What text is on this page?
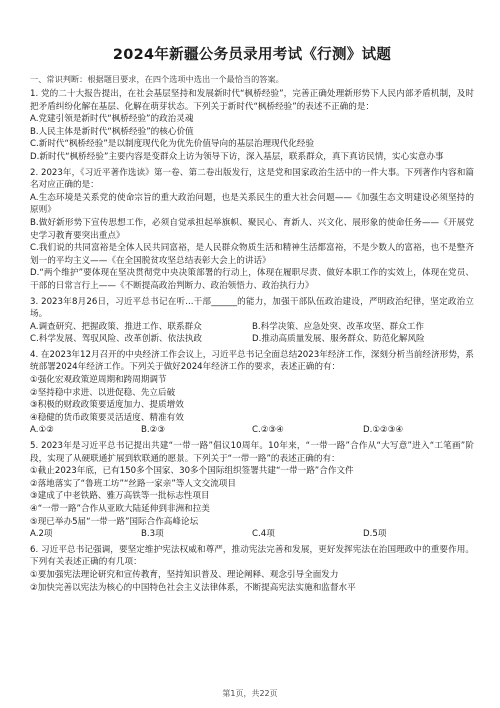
2024年新疆公务员录用考试《行测》试题
一、常识判断：根据题目要求，在四个选项中选出一个最恰当的答案。
1. 党的二十大报告提出，在社会基层坚持和发展新时代“枫桥经验”，完善正确处理新形势下人民内部矛盾机制，及时把矛盾纠纷化解在基层、化解在萌芽状态。下列关于新时代“枫桥经验”的表述不正确的是：
A.党建引领是新时代“枫桥经验”的政治灵魂
B.人民主体是新时代“枫桥经验”的核心价值
C.新时代“枫桥经验”是以制度现代化为优先价值导向的基层治理现代化经验
D.新时代“枫桥经验”主要内容是变群众上访为领导下访，深入基层，联系群众，真下真访民情，实心实意办事
2. 2023年，《习近平著作选读》第一卷、第二卷出版发行，这是党和国家政治生活中的一件大事。下列著作内容和篇名对应正确的是：
A.生态环境是关系党的使命宗旨的重大政治问题，也是关系民生的重大社会问题——《加强生态文明建设必须坚持的原则》
B.做好新形势下宣传思想工作，必须自觉承担起举旗帜、聚民心、育新人、兴文化、展形象的使命任务——《开展党史学习教育要突出重点》
C.我们说的共同富裕是全体人民共同富裕，是人民群众物质生活和精神生活都富裕，不是少数人的富裕，也不是整齐划一的平均主义——《在全国脱贫攻坚总结表彰大会上的讲话》
D.“两个维护”要体现在坚决贯彻党中央决策部署的行动上，体现在履职尽责、做好本职工作的实效上，体现在党员、干部的日常言行上——《不断提高政治判断力、政治领悟力、政治执行力》
3. 2023年8月26日，习近平总书记在听...干部______的能力，加强干部队伍政治建设，严明政治纪律，坚定政治立场。
A.调查研究、把握政策、推进工作、联系群众	B.科学决策、应急处突、改革攻坚、群众工作
C.科学发展、驾驭风险、改革创新、依法执政	D.推动高质量发展、服务群众、防范化解风险
4. 在2023年12月召开的中央经济工作会议上，习近平总书记全面总结2023年经济工作，深刻分析当前经济形势，系统部署2024年经济工作。下列关于做好2024年经济工作的要求，表述正确的有：
①强化宏观政策逆周期和跨周期调节
②坚持稳中求进、以进促稳、先立后破
③积极的财政政策要适度加力、提质增效
④稳健的货币政策要灵活适度、精准有效
A.①②	B.②③	C.②③④	D.①②③④
5. 2023年是习近平总书记提出共建“一带一路”倡议10周年。10年来，“一带一路”合作从“大写意”进入“工笔画”阶段，实现了从硬联通扩展到软联通的愿景。下列关于“一带一路”的表述正确的有：
①截止2023年底，已有150多个国家、30多个国际组织签署共建“一带一路”合作文件
②落地落实了“鲁班工坊”“丝路一家亲”等人文交流项目
③建成了中老铁路、雅万高铁等一批标志性项目
④“一带一路”合作从亚欧大陆延伸到非洲和拉美
⑤现已举办5届“一带一路”国际合作高峰论坛
A.2项	B.3项	C.4项	D.5项
6. 习近平总书记强调，要坚定维护宪法权威和尊严，推动宪法完善和发展，更好发挥宪法在治国理政中的重要作用。下列有关表述正确的有几项：
①要加强宪法理论研究和宣传教育，坚持知识普及、理论阐释、观念引导全面发力
②加快完善以宪法为核心的中国特色社会主义法律体系，不断提高宪法实施和监督水平
第1页，共22页
